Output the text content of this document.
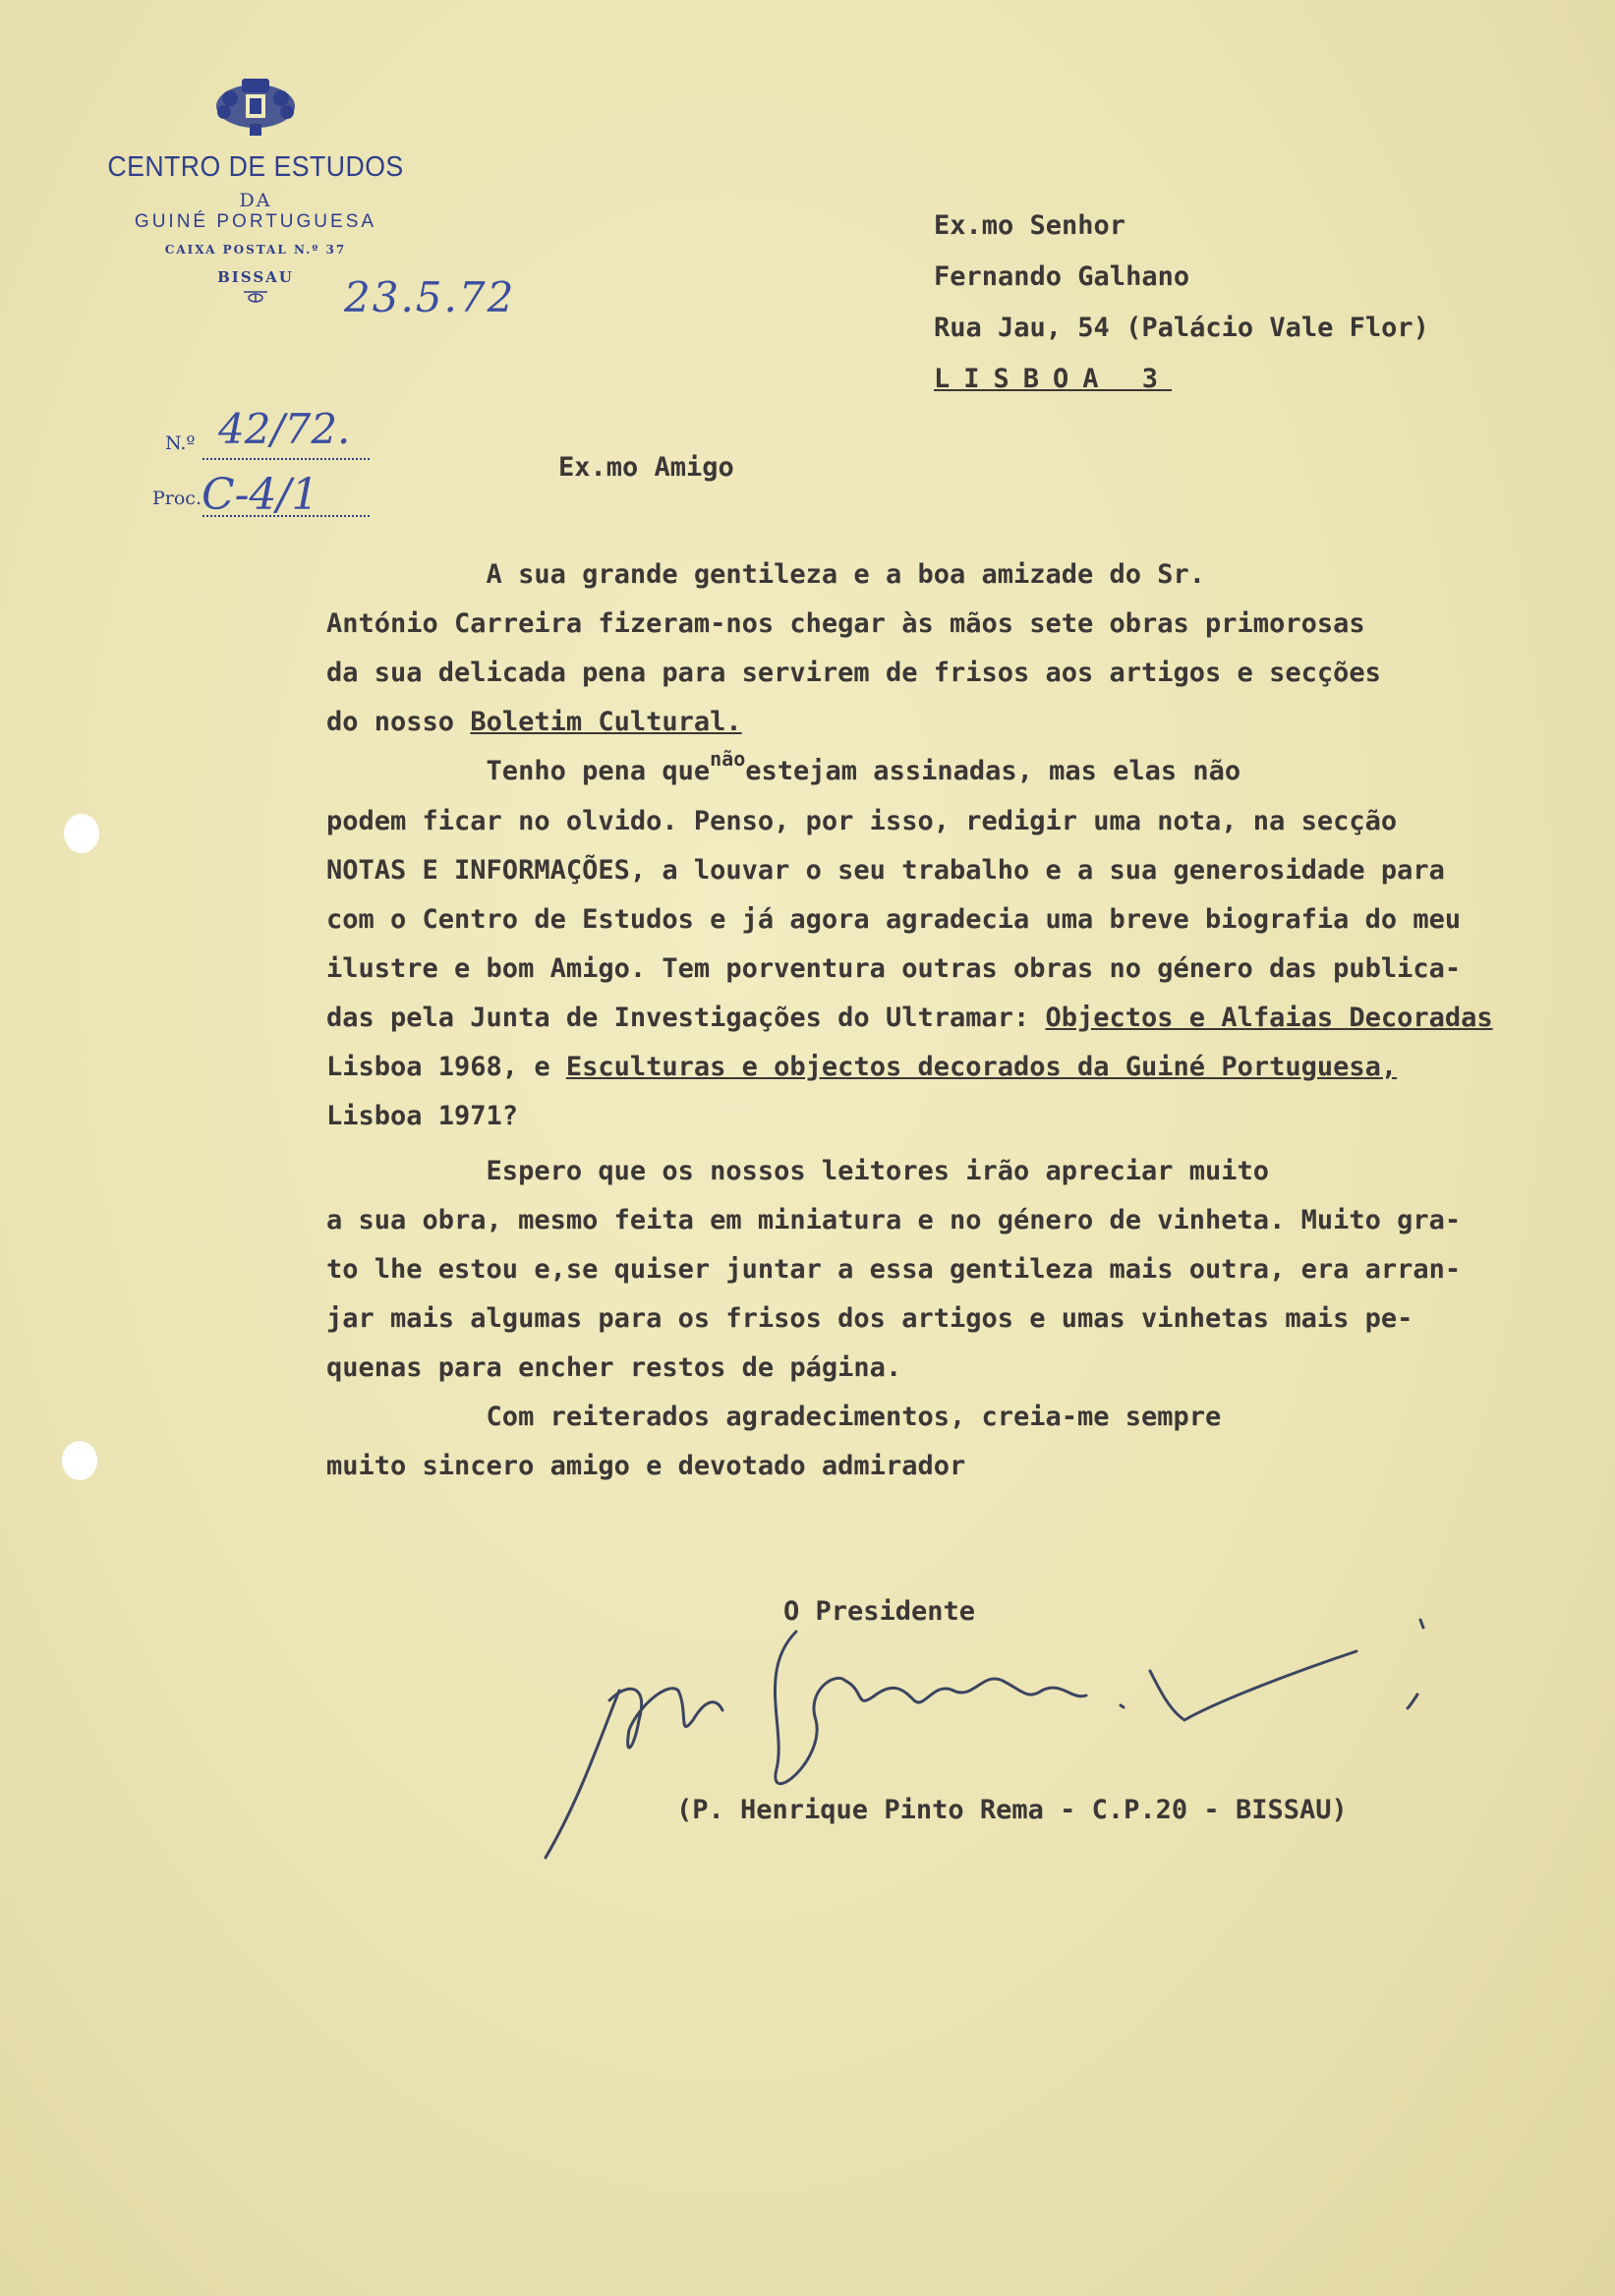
CENTRO DE ESTUDOS
DA
GUINÉ PORTUGUESA
CAIXA POSTAL N.º 37
BISSAU	23.5.72
N.º 42/72.
Proc. C-4/1
Ex.mo Senhor
Fernando Galhano
Rua Jau, 54 (Palácio Vale Flor)
LISBOA 3
Ex.mo Amigo
A sua grande gentileza e a boa amizade do Sr.
António Carreira fizeram-nos chegar às mãos sete obras primorosas
da sua delicada pena para servirem de frisos aos artigos e secções
do nosso Boletim Cultural.
Tenho pena que$^{não}$estejam assinadas, mas elas não
podem ficar no olvido. Penso, por isso, redigir uma nota, na secção
NOTAS E INFORMAÇÕES, a louvar o seu trabalho e a sua generosidade para
com o Centro de Estudos e já agora agradecia uma breve biografia do meu
ilustre e bom Amigo. Tem porventura outras obras no género das publica-
das pela Junta de Investigações do Ultramar: Objectos e Alfaias Decoradas
Lisboa 1968, e Esculturas e objectos decorados da Guiné Portuguesa,
Lisboa 1971?
Espero que os nossos leitores irão apreciar muito
a sua obra, mesmo feita em miniatura e no género de vinheta. Muito gra-
to lhe estou e,se quiser juntar a essa gentileza mais outra, era arran-
jar mais algumas para os frisos dos artigos e umas vinhetas mais pe-
quenas para encher restos de página.
Com reiterados agradecimentos, creia-me sempre
muito sincero amigo e devotado admirador
O Presidente
(P. Henrique Pinto Rema - C.P.20 - BISSAU)
